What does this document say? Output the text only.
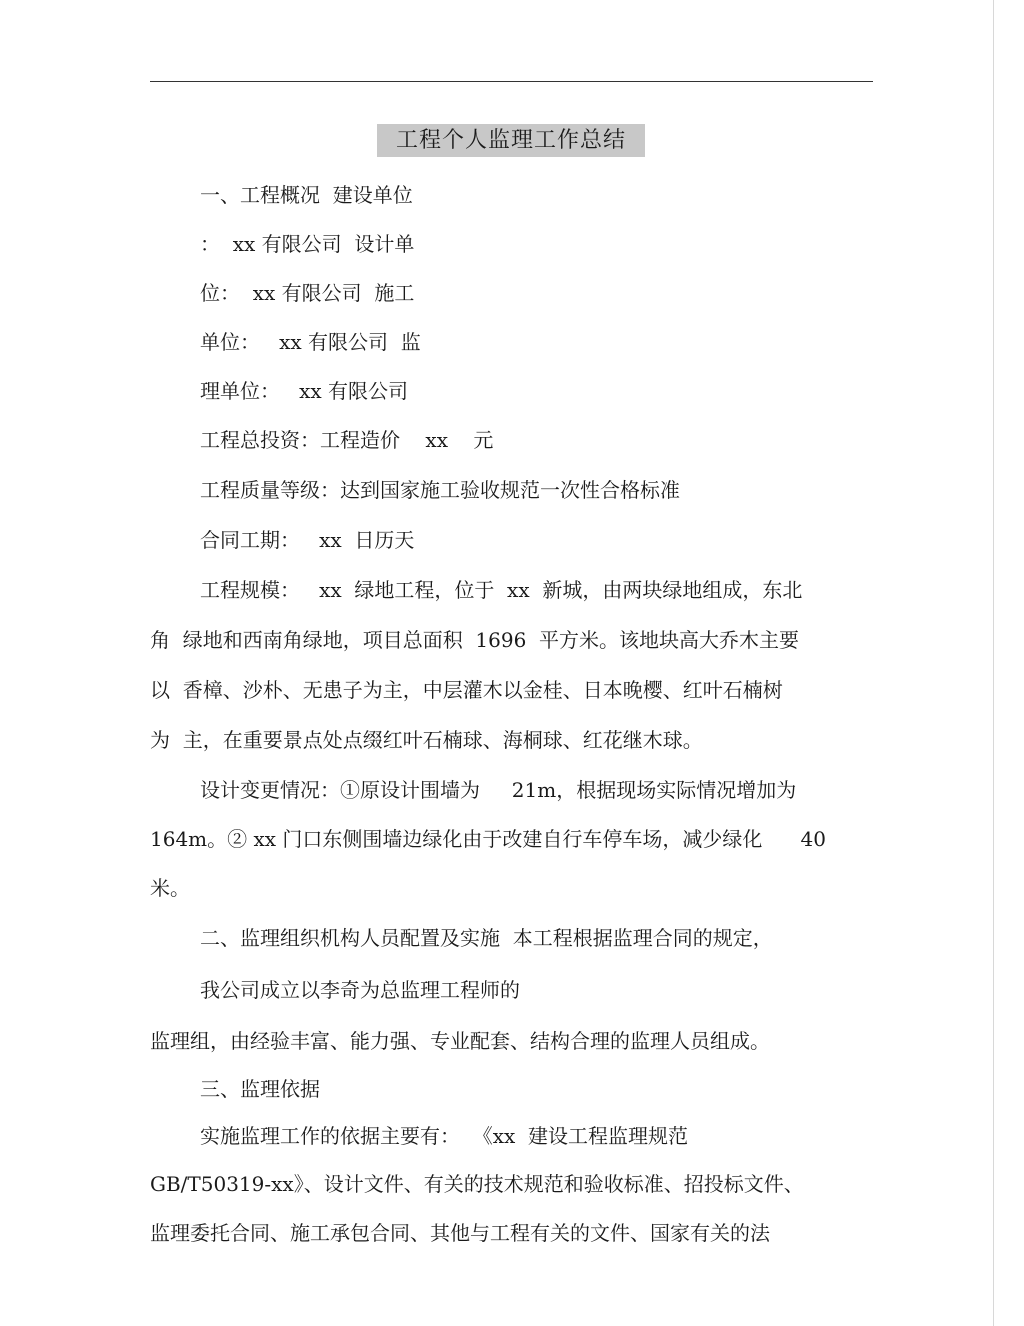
工程个人监理工作总结
一、工程概况  建设单位
：  xx 有限公司  设计单
位：  xx 有限公司  施工
单位：   xx 有限公司  监
理单位：   xx 有限公司
工程总投资：工程造价    xx    元
工程质量等级：达到国家施工验收规范一次性合格标准
合同工期：   xx  日历天
工程规模：   xx  绿地工程，位于  xx  新城，由两块绿地组成，东北
角  绿地和西南角绿地，项目总面积  1696  平方米。该地块高大乔木主要
以  香樟、沙朴、无患子为主，中层灌木以金桂、日本晚樱、红叶石楠树
为  主，在重要景点处点缀红叶石楠球、海桐球、红花继木球。
设计变更情况：①原设计围墙为     21m，根据现场实际情况增加为
164m。② xx 门口东侧围墙边绿化由于改建自行车停车场，减少绿化      40
米。
二、监理组织机构人员配置及实施  本工程根据监理合同的规定，
我公司成立以李奇为总监理工程师的
监理组，由经验丰富、能力强、专业配套、结构合理的监理人员组成。
三、监理依据
实施监理工作的依据主要有：  《xx  建设工程监理规范
GB/T50319-xx》、设计文件、有关的技术规范和验收标准、招投标文件、
监理委托合同、施工承包合同、其他与工程有关的文件、国家有关的法
